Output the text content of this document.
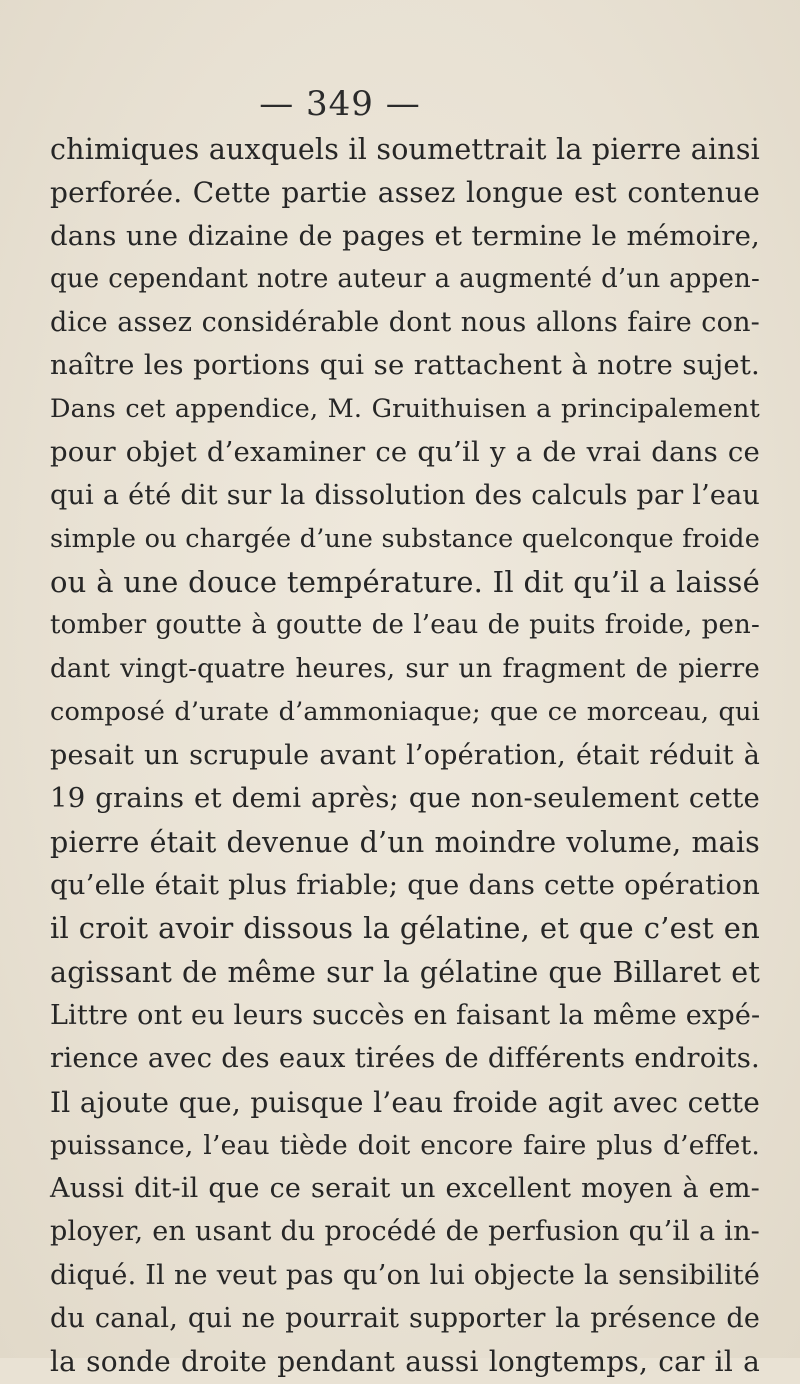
— 349 —
chimiques auxquels il soumettrait la pierre ainsi
perforée. Cette partie assez longue est contenue
dans une dizaine de pages et termine le mémoire,
que cependant notre auteur a augmenté d’un appen-
dice assez considérable dont nous allons faire con-
naître les portions qui se rattachent à notre sujet.
Dans cet appendice, M. Gruithuisen a principalement
pour objet d’examiner ce qu’il y a de vrai dans ce
qui a été dit sur la dissolution des calculs par l’eau
simple ou chargée d’une substance quelconque froide
ou à une douce température. Il dit qu’il a laissé
tomber goutte à goutte de l’eau de puits froide, pen-
dant vingt-quatre heures, sur un fragment de pierre
composé d’urate d’ammoniaque; que ce morceau, qui
pesait un scrupule avant l’opération, était réduit à
19 grains et demi après; que non-seulement cette
pierre était devenue d’un moindre volume, mais
qu’elle était plus friable; que dans cette opération
il croit avoir dissous la gélatine, et que c’est en
agissant de même sur la gélatine que Billaret et
Littre ont eu leurs succès en faisant la même expé-
rience avec des eaux tirées de différents endroits.
Il ajoute que, puisque l’eau froide agit avec cette
puissance, l’eau tiède doit encore faire plus d’effet.
Aussi dit-il que ce serait un excellent moyen à em-
ployer, en usant du procédé de perfusion qu’il a in-
diqué. Il ne veut pas qu’on lui objecte la sensibilité
du canal, qui ne pourrait supporter la présence de
la sonde droite pendant aussi longtemps, car il a
